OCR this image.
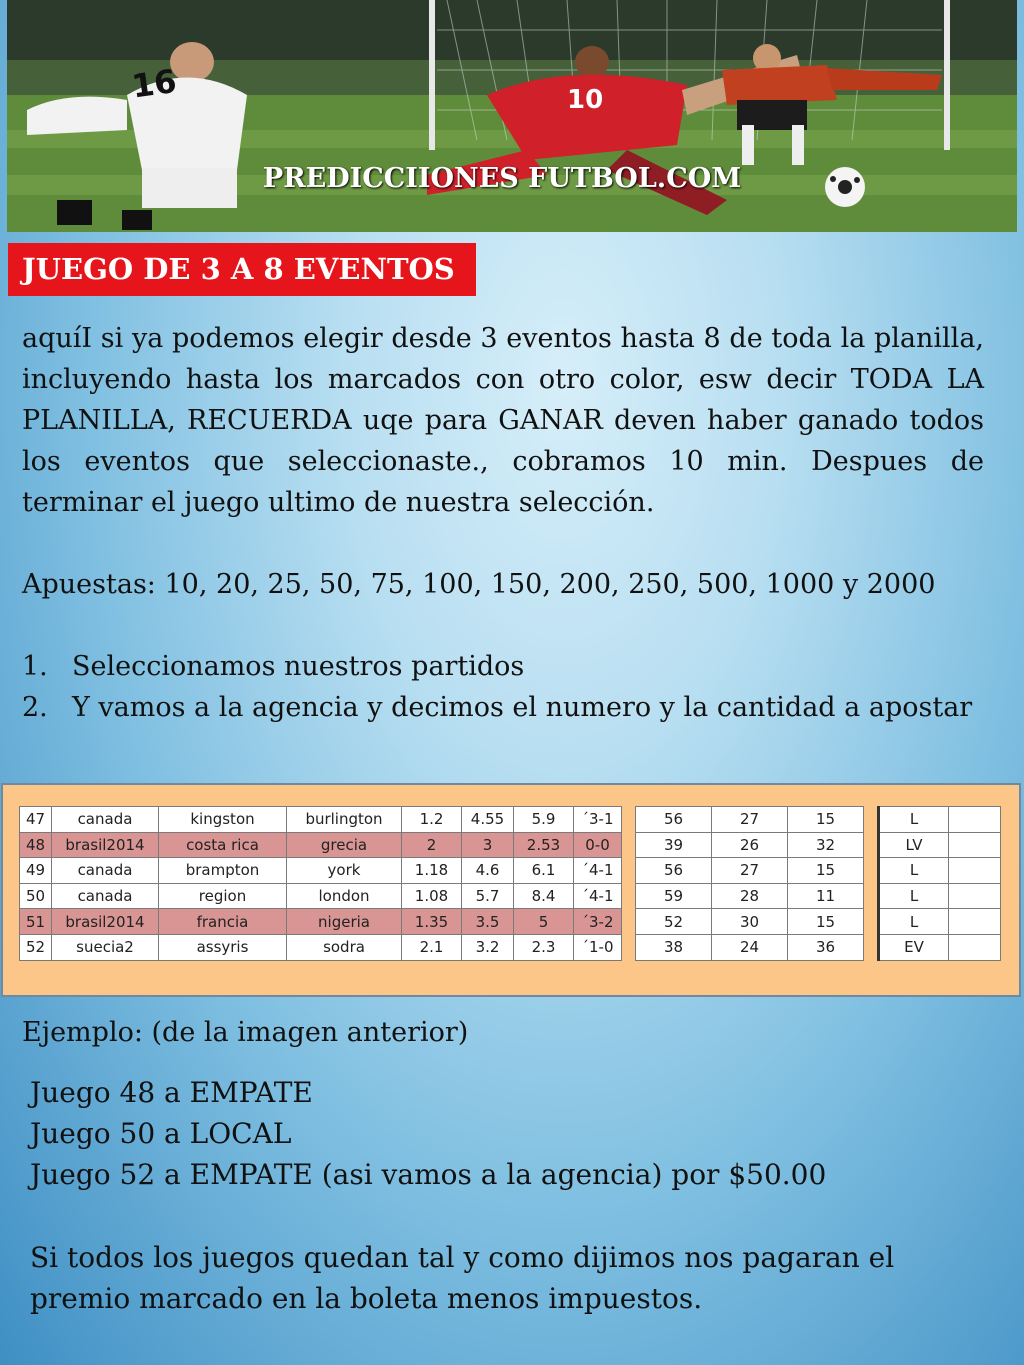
16	10
PREDICCIIONES FUTBOL.COM
JUEGO DE 3 A 8 EVENTOS
aquíI si ya podemos elegir desde 3 eventos hasta 8 de toda la planilla, incluyendo hasta los marcados con otro color, esw decir TODA LA PLANILLA, RECUERDA uqe para GANAR deven haber ganado todos los eventos que seleccionaste., cobramos 10 min. Despues de terminar el juego ultimo de nuestra selección.
Apuestas: 10, 20, 25, 50, 75, 100, 150, 200, 250, 500, 1000 y 2000
1. Seleccionamos nuestros partidos
2. Y vamos a la agencia y decimos el numero y la cantidad a apostar
47	canada	kingston	burlington	1.2	4.55	5.9	´3-1		56	27	15		L	
48	brasil2014	costa rica	grecia	2	3	2.53	0-0		39	26	32		LV	
49	canada	brampton	york	1.18	4.6	6.1	´4-1		56	27	15		L	
50	canada	region	london	1.08	5.7	8.4	´4-1		59	28	11		L	
51	brasil2014	francia	nigeria	1.35	3.5	5	´3-2		52	30	15		L	
52	suecia2	assyris	sodra	2.1	3.2	2.3	´1-0		38	24	36		EV	
Ejemplo: (de la imagen anterior)
Juego 48 a EMPATE
Juego 50 a LOCAL
Juego 52 a EMPATE (asi vamos a la agencia) por $50.00
Si todos los juegos quedan tal y como dijimos nos pagaran el premio marcado en la boleta menos impuestos.
